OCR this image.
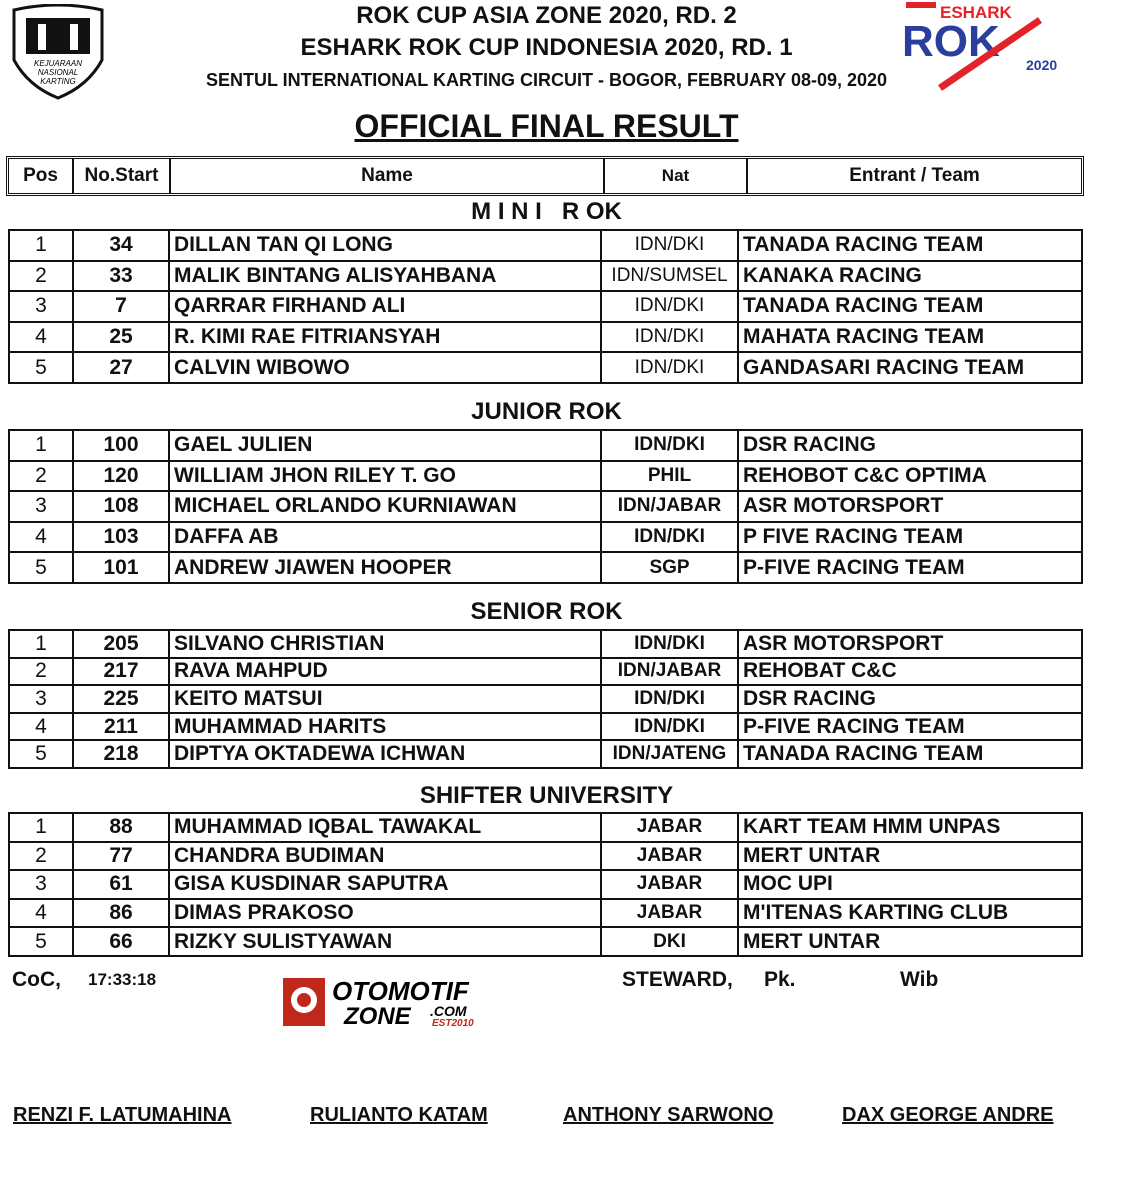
KEJUARAAN
NASIONAL
KARTING
ROK CUP ASIA ZONE 2020, RD. 2
ESHARK ROK CUP INDONESIA 2020, RD. 1
SENTUL INTERNATIONAL KARTING CIRCUIT - BOGOR, FEBRUARY 08-09, 2020
ESHARK
ROK 2020
OFFICIAL FINAL RESULT
Pos	No.Start	Name	Nat	Entrant / Team
M I N I   R OK
1	34	DILLAN TAN QI LONG	IDN/DKI	TANADA RACING TEAM
2	33	MALIK BINTANG ALISYAHBANA	IDN/SUMSEL	KANAKA RACING
3	7	QARRAR FIRHAND ALI	IDN/DKI	TANADA RACING TEAM
4	25	R. KIMI RAE FITRIANSYAH	IDN/DKI	MAHATA RACING TEAM
5	27	CALVIN WIBOWO	IDN/DKI	GANDASARI RACING TEAM
JUNIOR ROK
1	100	GAEL JULIEN	IDN/DKI	DSR RACING
2	120	WILLIAM JHON RILEY T. GO	PHIL	REHOBOT C&C OPTIMA
3	108	MICHAEL ORLANDO KURNIAWAN	IDN/JABAR	ASR MOTORSPORT
4	103	DAFFA AB	IDN/DKI	P FIVE RACING TEAM
5	101	ANDREW JIAWEN HOOPER	SGP	P-FIVE RACING TEAM
SENIOR ROK
1	205	SILVANO CHRISTIAN	IDN/DKI	ASR MOTORSPORT
2	217	RAVA MAHPUD	IDN/JABAR	REHOBAT C&C
3	225	KEITO MATSUI	IDN/DKI	DSR RACING
4	211	MUHAMMAD HARITS	IDN/DKI	P-FIVE RACING TEAM
5	218	DIPTYA OKTADEWA ICHWAN	IDN/JATENG	TANADA RACING TEAM
SHIFTER UNIVERSITY
1	88	MUHAMMAD IQBAL TAWAKAL	JABAR	KART TEAM HMM UNPAS
2	77	CHANDRA BUDIMAN	JABAR	MERT UNTAR
3	61	GISA KUSDINAR SAPUTRA	JABAR	MOC UPI
4	86	DIMAS PRAKOSO	JABAR	M'ITENAS KARTING CLUB
5	66	RIZKY SULISTYAWAN	DKI	MERT UNTAR
CoC, 17:33:18	OTOMOTIF
ZONE .COM
EST2010
STEWARD, Pk.	Wib
RENZI F. LATUMAHINA	RULIANTO KATAM	ANTHONY SARWONO	DAX GEORGE ANDRE
